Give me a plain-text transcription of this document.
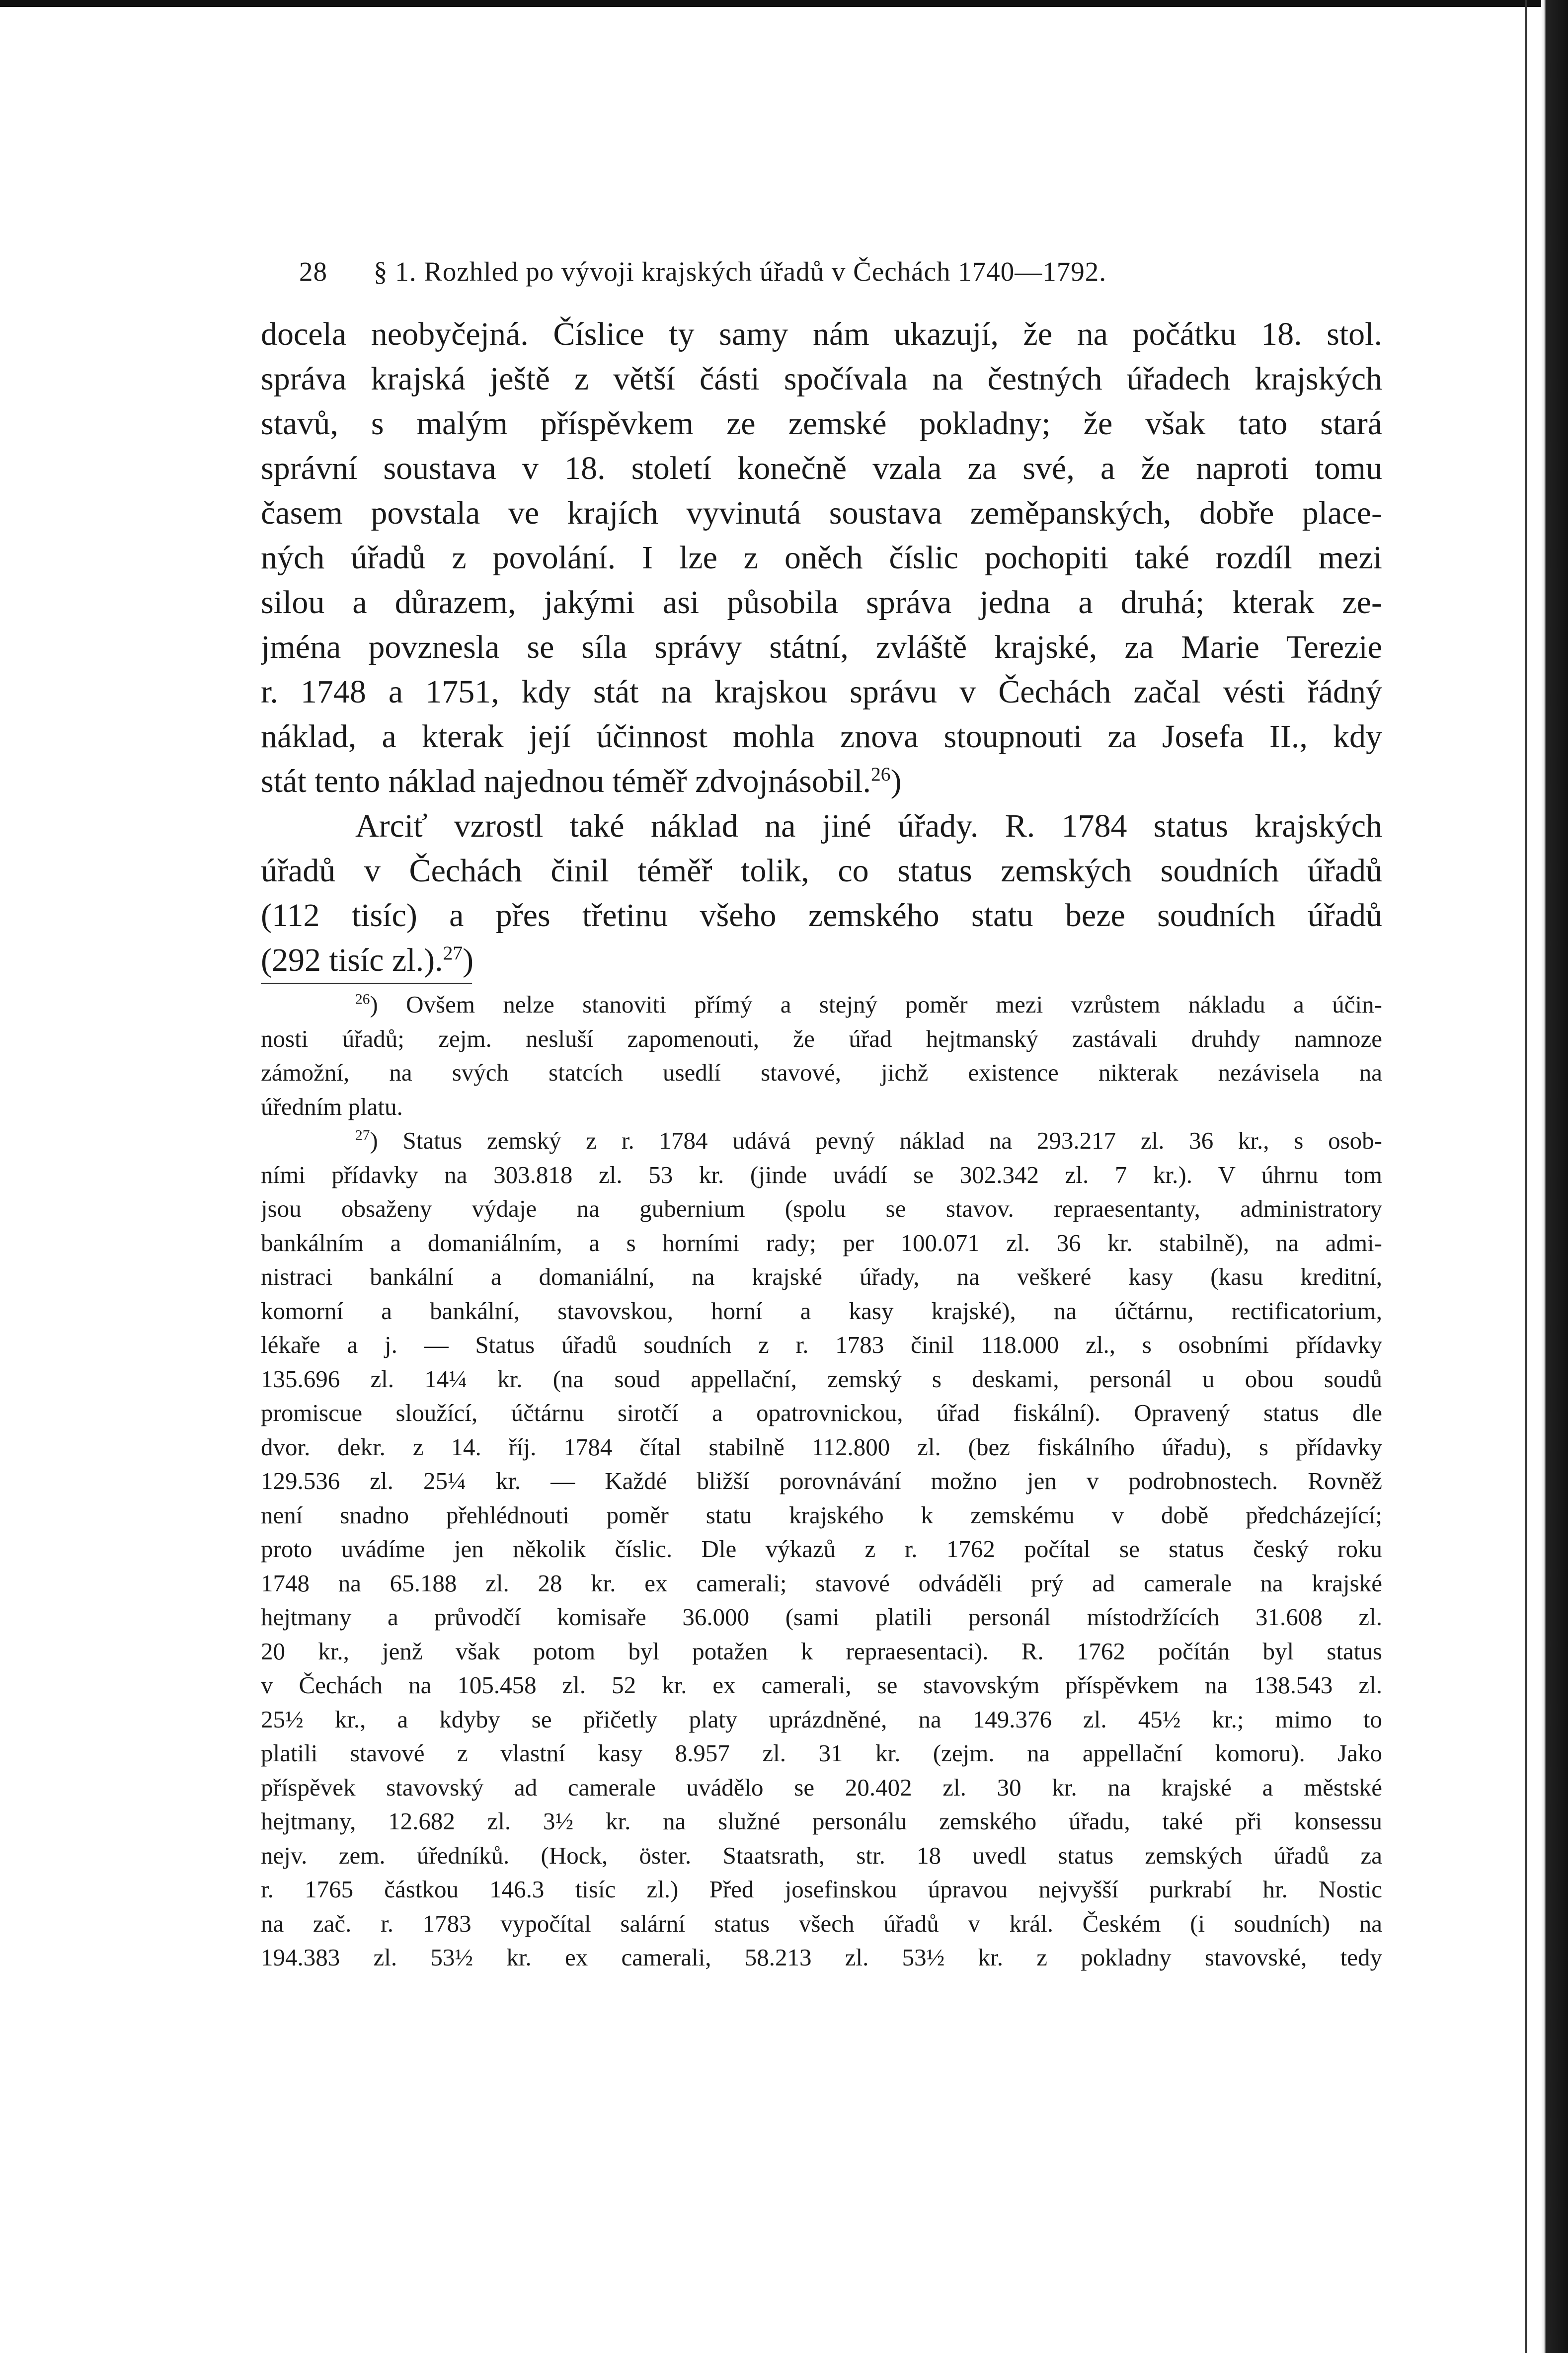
28 § 1. Rozhled po vývoji krajských úřadů v Čechách 1740—1792.
docela neobyčejná. Číslice ty samy nám ukazují, že na počátku 18. stol.
správa krajská ještě z větší části spočívala na čestných úřadech krajských
stavů, s malým příspěvkem ze zemské pokladny; že však tato stará
správní soustava v 18. století konečně vzala za své, a že naproti tomu
časem povstala ve krajích vyvinutá soustava zeměpanských, dobře place-
ných úřadů z povolání. I lze z oněch číslic pochopiti také rozdíl mezi
silou a důrazem, jakými asi působila správa jedna a druhá; kterak ze-
jména povznesla se síla správy státní, zvláště krajské, za Marie Terezie
r. 1748 a 1751, kdy stát na krajskou správu v Čechách začal vésti řádný
náklad, a kterak její účinnost mohla znova stoupnouti za Josefa II., kdy
stát tento náklad najednou téměř zdvojnásobil.$^{26}$)
Arciť vzrostl také náklad na jiné úřady. R. 1784 status krajských
úřadů v Čechách činil téměř tolik, co status zemských soudních úřadů
(112 tisíc) a přes třetinu všeho zemského statu beze soudních úřadů
(292 tisíc zl.).$^{27}$)
$^{26}$) Ovšem nelze stanoviti přímý a stejný poměr mezi vzrůstem nákladu a účin-
nosti úřadů; zejm. nesluší zapomenouti, že úřad hejtmanský zastávali druhdy namnoze
zámožní, na svých statcích usedlí stavové, jichž existence nikterak nezávisela na
úředním platu.
$^{27}$) Status zemský z r. 1784 udává pevný náklad na 293.217 zl. 36 kr., s osob-
ními přídavky na 303.818 zl. 53 kr. (jinde uvádí se 302.342 zl. 7 kr.). V úhrnu tom
jsou obsaženy výdaje na gubernium (spolu se stavov. repraesentanty, administratory
bankálním a domaniálním, a s horními rady; per 100.071 zl. 36 kr. stabilně), na admi-
nistraci bankální a domaniální, na krajské úřady, na veškeré kasy (kasu kreditní,
komorní a bankální, stavovskou, horní a kasy krajské), na účtárnu, rectificatorium,
lékaře a j. — Status úřadů soudních z r. 1783 činil 118.000 zl., s osobními přídavky
135.696 zl. 14¼ kr. (na soud appellační, zemský s deskami, personál u obou soudů
promiscue sloužící, účtárnu sirotčí a opatrovnickou, úřad fiskální). Opravený status dle
dvor. dekr. z 14. říj. 1784 čítal stabilně 112.800 zl. (bez fiskálního úřadu), s přídavky
129.536 zl. 25¼ kr. — Každé bližší porovnávání možno jen v podrobnostech. Rovněž
není snadno přehlédnouti poměr statu krajského k zemskému v době předcházející;
proto uvádíme jen několik číslic. Dle výkazů z r. 1762 počítal se status český roku
1748 na 65.188 zl. 28 kr. ex camerali; stavové odváděli prý ad camerale na krajské
hejtmany a průvodčí komisaře 36.000 (sami platili personál místodržících 31.608 zl.
20 kr., jenž však potom byl potažen k repraesentaci). R. 1762 počítán byl status
v Čechách na 105.458 zl. 52 kr. ex camerali, se stavovským příspěvkem na 138.543 zl.
25½ kr., a kdyby se přičetly platy uprázdněné, na 149.376 zl. 45½ kr.; mimo to
platili stavové z vlastní kasy 8.957 zl. 31 kr. (zejm. na appellační komoru). Jako
příspěvek stavovský ad camerale uvádělo se 20.402 zl. 30 kr. na krajské a městské
hejtmany, 12.682 zl. 3½ kr. na služné personálu zemského úřadu, také při konsessu
nejv. zem. úředníků. (Hock, öster. Staatsrath, str. 18 uvedl status zemských úřadů za
r. 1765 částkou 146.3 tisíc zl.) Před josefinskou úpravou nejvyšší purkrabí hr. Nostic
na zač. r. 1783 vypočítal salární status všech úřadů v král. Českém (i soudních) na
194.383 zl. 53½ kr. ex camerali, 58.213 zl. 53½ kr. z pokladny stavovské, tedy
